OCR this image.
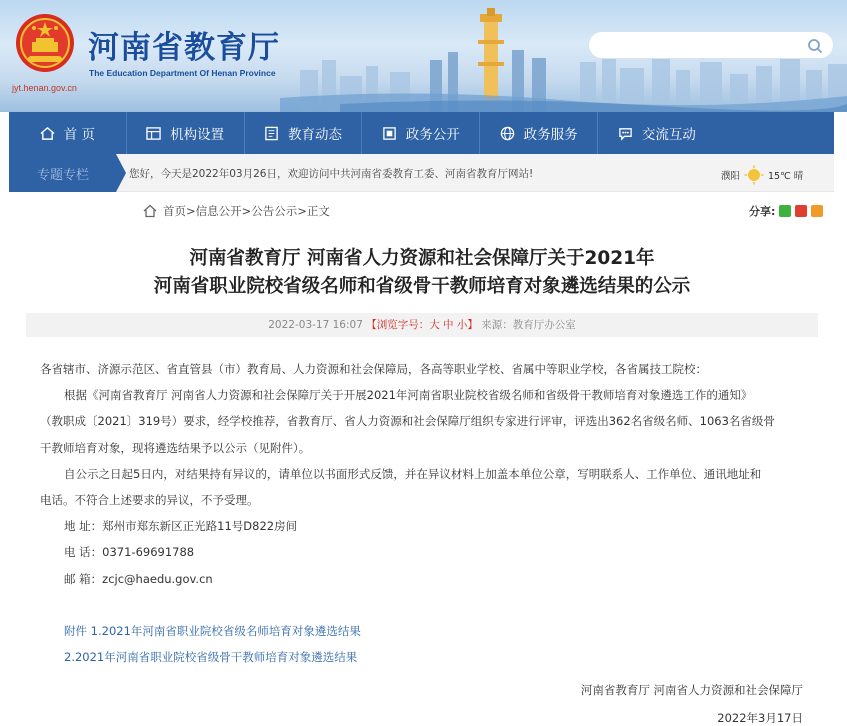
jyt.henan.gov.cn
河南省教育厅
The Education Department Of Henan Province
首 页	机构设置	教育动态	政务公开	政务服务	交流互动
专题专栏	您好，今天是2022年03月26日，欢迎访问中共河南省委教育工委、河南省教育厅网站!	濮阳	15℃ 晴
首页 > 信息公开 > 公告公示 > 正文	分享:
河南省教育厅 河南省人力资源和社会保障厅关于2021年
河南省职业院校省级名师和省级骨干教师培育对象遴选结果的公示
2022-03-17 16:07 【浏览字号：大 中 小】 来源：教育厅办公室

各省辖市、济源示范区、省直管县（市）教育局、人力资源和社会保障局，各高等职业学校、省属中等职业学校，各省属技工院校：

根据《河南省教育厅 河南省人力资源和社会保障厅关于开展2021年河南省职业院校省级名师和省级骨干教师培育对象遴选工作的通知》

（教职成〔2021〕319号）要求，经学校推荐，省教育厅、省人力资源和社会保障厅组织专家进行评审，评选出362名省级名师、1063名省级骨

干教师培育对象，现将遴选结果予以公示（见附件）。

自公示之日起5日内，对结果持有异议的，请单位以书面形式反馈，并在异议材料上加盖本单位公章，写明联系人、工作单位、通讯地址和

电话。不符合上述要求的异议，不予受理。

地 址：郑州市郑东新区正光路11号D822房间

电 话：0371-69691788

邮 箱：zcjc@haedu.gov.cn

附件 1.2021年河南省职业院校省级名师培育对象遴选结果

2.2021年河南省职业院校省级骨干教师培育对象遴选结果

河南省教育厅 河南省人力资源和社会保障厅
2022年3月17日
